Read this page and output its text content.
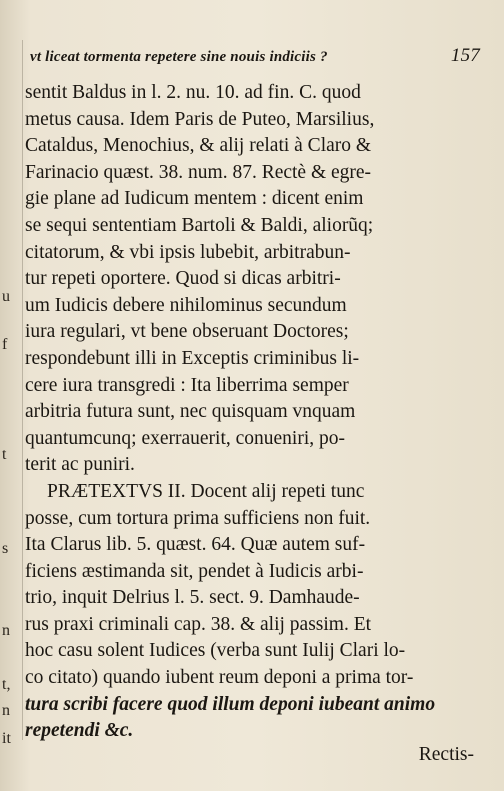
u
f
t
s
n
t,
n
it
vt liceat tormenta repetere sine nouis indiciis ?	157
sentit Baldus in l. 2. nu. 10. ad fin. C. quod
metus causa. Idem Paris de Puteo, Marsilius,
Cataldus, Menochius, & alij relati à Claro &
Farinacio quæst. 38. num. 87. Rectè & egre-
gie plane ad Iudicum mentem : dicent enim
se sequi sententiam Bartoli & Baldi, aliorũq;
citatorum, & vbi ipsis lubebit, arbitrabun-
tur repeti oportere. Quod si dicas arbitri-
um Iudicis debere nihilominus secundum
iura regulari, vt bene obseruant Doctores;
respondebunt illi in Exceptis criminibus li-
cere iura transgredi : Ita liberrima semper
arbitria futura sunt, nec quisquam vnquam
quantumcunq; exerrauerit, conueniri, po-
terit ac puniri.
PRÆTEXTVS II. Docent alij repeti tunc
posse, cum tortura prima sufficiens non fuit.
Ita Clarus lib. 5. quæst. 64. Quæ autem suf-
ficiens æstimanda sit, pendet à Iudicis arbi-
trio, inquit Delrius l. 5. sect. 9. Damhaude-
rus praxi criminali cap. 38. & alij passim. Et
hoc casu solent Iudices (verba sunt Iulij Clari lo-
co citato) quando iubent reum deponi a prima tor-
tura scribi facere quod illum deponi iubeant animo
repetendi &c.
Rectis-
